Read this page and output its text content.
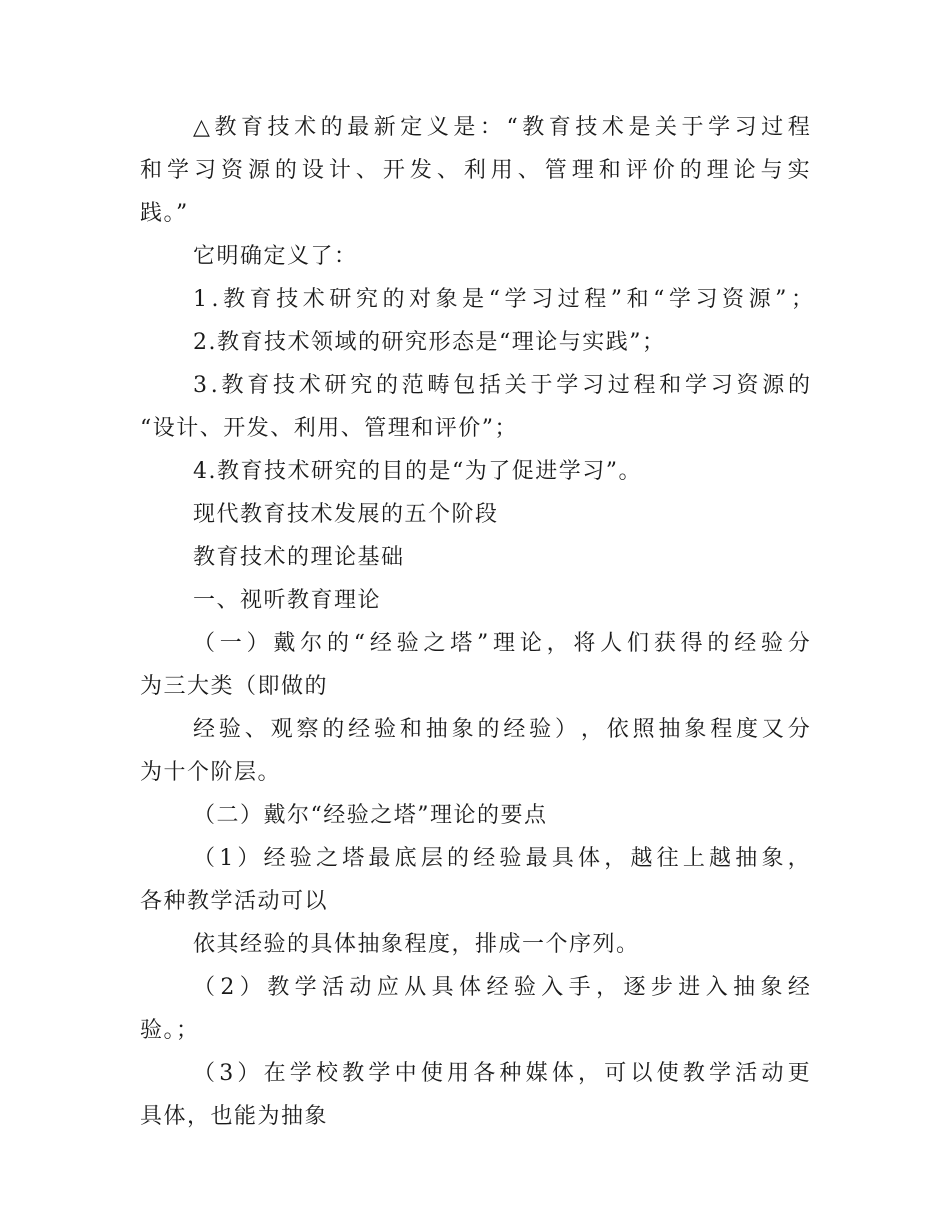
△ 教 育 技 术 的 最 新 定 义 是 ： “ 教 育 技 术 是 关 于 学 习 过 程
和 学 习 资 源 的 设 计 、 开 发 、 利 用 、 管 理 和 评 价 的 理 论 与 实
践。”
它明确定义了：
1 . 教 育 技 术 研 究 的 对 象 是 “ 学 习 过 程 ” 和 “ 学 习 资 源 ” ；
2.教育技术领域的研究形态是“理论与实践”；
3 . 教 育 技 术 研 究 的 范 畴 包 括 关 于 学 习 过 程 和 学 习 资 源 的
“设计、开发、利用、管理和评价”；
4.教育技术研究的目的是“为了促进学习”。
现代教育技术发展的五个阶段
教育技术的理论基础
一、视听教育理论
（ 一 ） 戴 尔 的 “ 经 验 之 塔 ” 理 论 ， 将 人 们 获 得 的 经 验 分
为三大类（即做的
经 验 、 观 察 的 经 验 和 抽 象 的 经 验 ） ， 依 照 抽 象 程 度 又 分
为十个阶层。
（二）戴尔“经验之塔”理论的要点
（ 1 ） 经 验 之 塔 最 底 层 的 经 验 最 具 体 ， 越 往 上 越 抽 象 ，
各种教学活动可以
依其经验的具体抽象程度，排成一个序列。
（ 2 ） 教 学 活 动 应 从 具 体 经 验 入 手 ， 逐 步 进 入 抽 象 经
验。；
（ 3 ） 在 学 校 教 学 中 使 用 各 种 媒 体 ， 可 以 使 教 学 活 动 更
具体，也能为抽象
